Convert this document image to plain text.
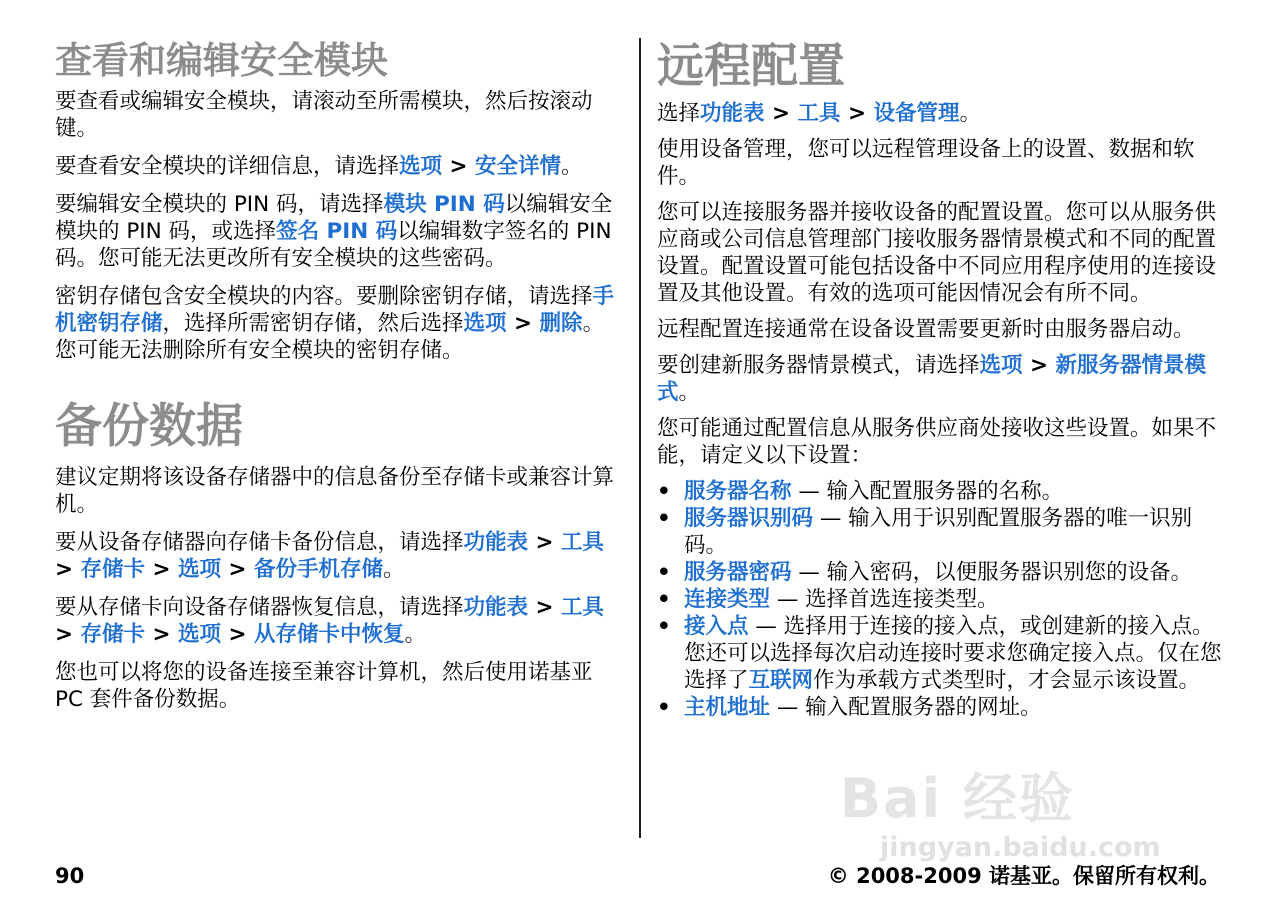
查看和编辑安全模块

要查看或编辑安全模块，请滚动至所需模块，然后按滚动键。

要查看安全模块的详细信息，请选择选项 > 安全详情。

要编辑安全模块的 PIN 码，请选择模块 PIN 码以编辑安全模块的 PIN 码，或选择签名 PIN 码以编辑数字签名的 PIN 码。您可能无法更改所有安全模块的这些密码。

密钥存储包含安全模块的内容。要删除密钥存储，请选择手机密钥存储，选择所需密钥存储，然后选择选项 > 删除。您可能无法删除所有安全模块的密钥存储。

备份数据

建议定期将该设备存储器中的信息备份至存储卡或兼容计算机。

要从设备存储器向存储卡备份信息，请选择功能表 > 工具 > 存储卡 > 选项 > 备份手机存储。

要从存储卡向设备存储器恢复信息，请选择功能表 > 工具 > 存储卡 > 选项 > 从存储卡中恢复。

您也可以将您的设备连接至兼容计算机，然后使用诺基亚 PC 套件备份数据。

远程配置

选择功能表 > 工具 > 设备管理。

使用设备管理，您可以远程管理设备上的设置、数据和软件。

您可以连接服务器并接收设备的配置设置。您可以从服务供应商或公司信息管理部门接收服务器情景模式和不同的配置设置。配置设置可能包括设备中不同应用程序使用的连接设置及其他设置。有效的选项可能因情况会有所不同。

远程配置连接通常在设备设置需要更新时由服务器启动。

要创建新服务器情景模式，请选择选项 > 新服务器情景模式。

您可能通过配置信息从服务供应商处接收这些设置。如果不能，请定义以下设置：

• 服务器名称 — 输入配置服务器的名称。
• 服务器识别码 — 输入用于识别配置服务器的唯一识别码。
• 服务器密码 — 输入密码，以便服务器识别您的设备。
• 连接类型 — 选择首选连接类型。
• 接入点 — 选择用于连接的接入点，或创建新的接入点。您还可以选择每次启动连接时要求您确定接入点。仅在您选择了互联网作为承载方式类型时，才会显示该设置。
• 主机地址 — 输入配置服务器的网址。
Bai 经验
jingyan.baidu.com
90	© 2008-2009 诺基亚。保留所有权利。
